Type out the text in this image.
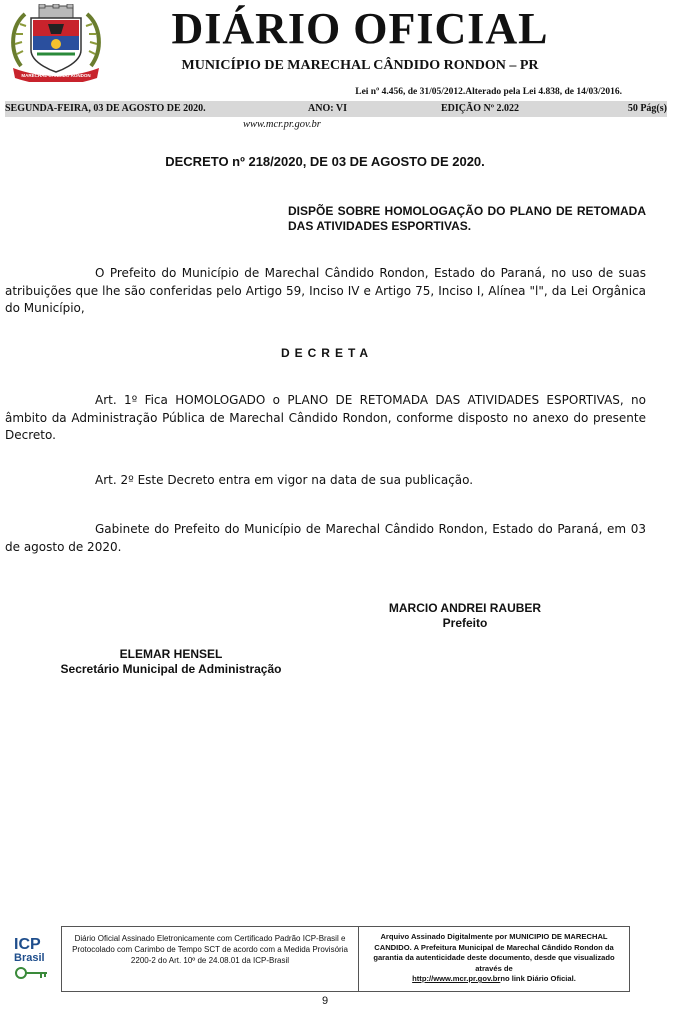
MARECHAL CANDIDO RONDON
DIÁRIO OFICIAL
MUNICÍPIO DE MARECHAL CÂNDIDO RONDON – PR
Lei nº 4.456, de 31/05/2012.Alterado pela Lei 4.838, de 14/03/2016.
SEGUNDA-FEIRA, 03 DE AGOSTO DE 2020.	ANO: VI	EDIÇÃO Nº 2.022	50 Pág(s)
www.mcr.pr.gov.br
DECRETO nº 218/2020, DE 03 DE AGOSTO DE 2020.
DISPÕE SOBRE HOMOLOGAÇÃO DO PLANO DE RETOMADA DAS ATIVIDADES ESPORTIVAS.
O Prefeito do Município de Marechal Cândido Rondon, Estado do Paraná, no uso de suas atribuições que lhe são conferidas pelo Artigo 59, Inciso IV e Artigo 75, Inciso I, Alínea "l", da Lei Orgânica do Município,
DECRETA
Art. 1º Fica HOMOLOGADO o PLANO DE RETOMADA DAS ATIVIDADES ESPORTIVAS, no âmbito da Administração Pública de Marechal Cândido Rondon, conforme disposto no anexo do presente Decreto.
Art. 2º Este Decreto entra em vigor na data de sua publicação.
Gabinete do Prefeito do Município de Marechal Cândido Rondon, Estado do Paraná, em 03 de agosto de 2020.
MARCIO ANDREI RAUBER
Prefeito
ELEMAR HENSEL
Secretário Municipal de Administração
ICP
Brasil
Diário Oficial Assinado Eletronicamente com Certificado Padrão ICP-Brasil e Protocolado com Carimbo de Tempo SCT de acordo com a Medida Provisória 2200-2 do Art. 10º de 24.08.01 da ICP-Brasil
Arquivo Assinado Digitalmente por MUNICIPIO DE MARECHAL CANDIDO. A Prefeitura Municipal de Marechal Cândido Rondon da garantia da autenticidade deste documento, desde que visualizado através de
http://www.mcr.pr.gov.brno link Diário Oficial.
9
